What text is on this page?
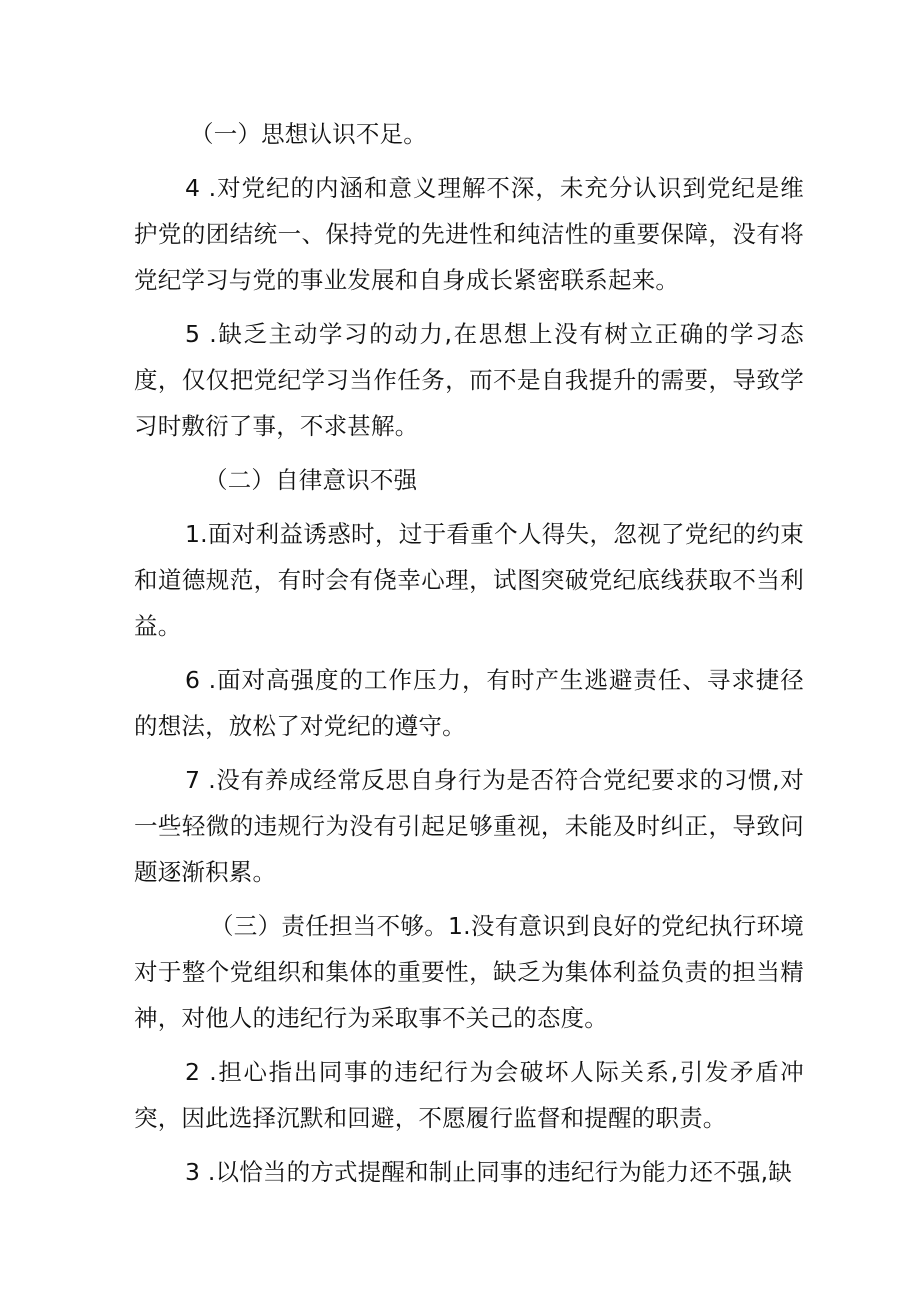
（一）思想认识不足。

4 .对党纪的内涵和意义理解不深，未充分认识到党纪是维护党的团结统一、保持党的先进性和纯洁性的重要保障，没有将党纪学习与党的事业发展和自身成长紧密联系起来。

5 .缺乏主动学习的动力,在思想上没有树立正确的学习态度，仅仅把党纪学习当作任务，而不是自我提升的需要，导致学习时敷衍了事，不求甚解。

（二）自律意识不强

1.面对利益诱惑时，过于看重个人得失，忽视了党纪的约束和道德规范，有时会有侥幸心理，试图突破党纪底线获取不当利益。

6 .面对高强度的工作压力，有时产生逃避责任、寻求捷径的想法，放松了对党纪的遵守。

7 .没有养成经常反思自身行为是否符合党纪要求的习惯,对一些轻微的违规行为没有引起足够重视，未能及时纠正，导致问题逐渐积累。

（三）责任担当不够。1.没有意识到良好的党纪执行环境对于整个党组织和集体的重要性，缺乏为集体利益负责的担当精神，对他人的违纪行为采取事不关己的态度。

2 .担心指出同事的违纪行为会破坏人际关系,引发矛盾冲突，因此选择沉默和回避，不愿履行监督和提醒的职责。

3 .以恰当的方式提醒和制止同事的违纪行为能力还不强,缺
